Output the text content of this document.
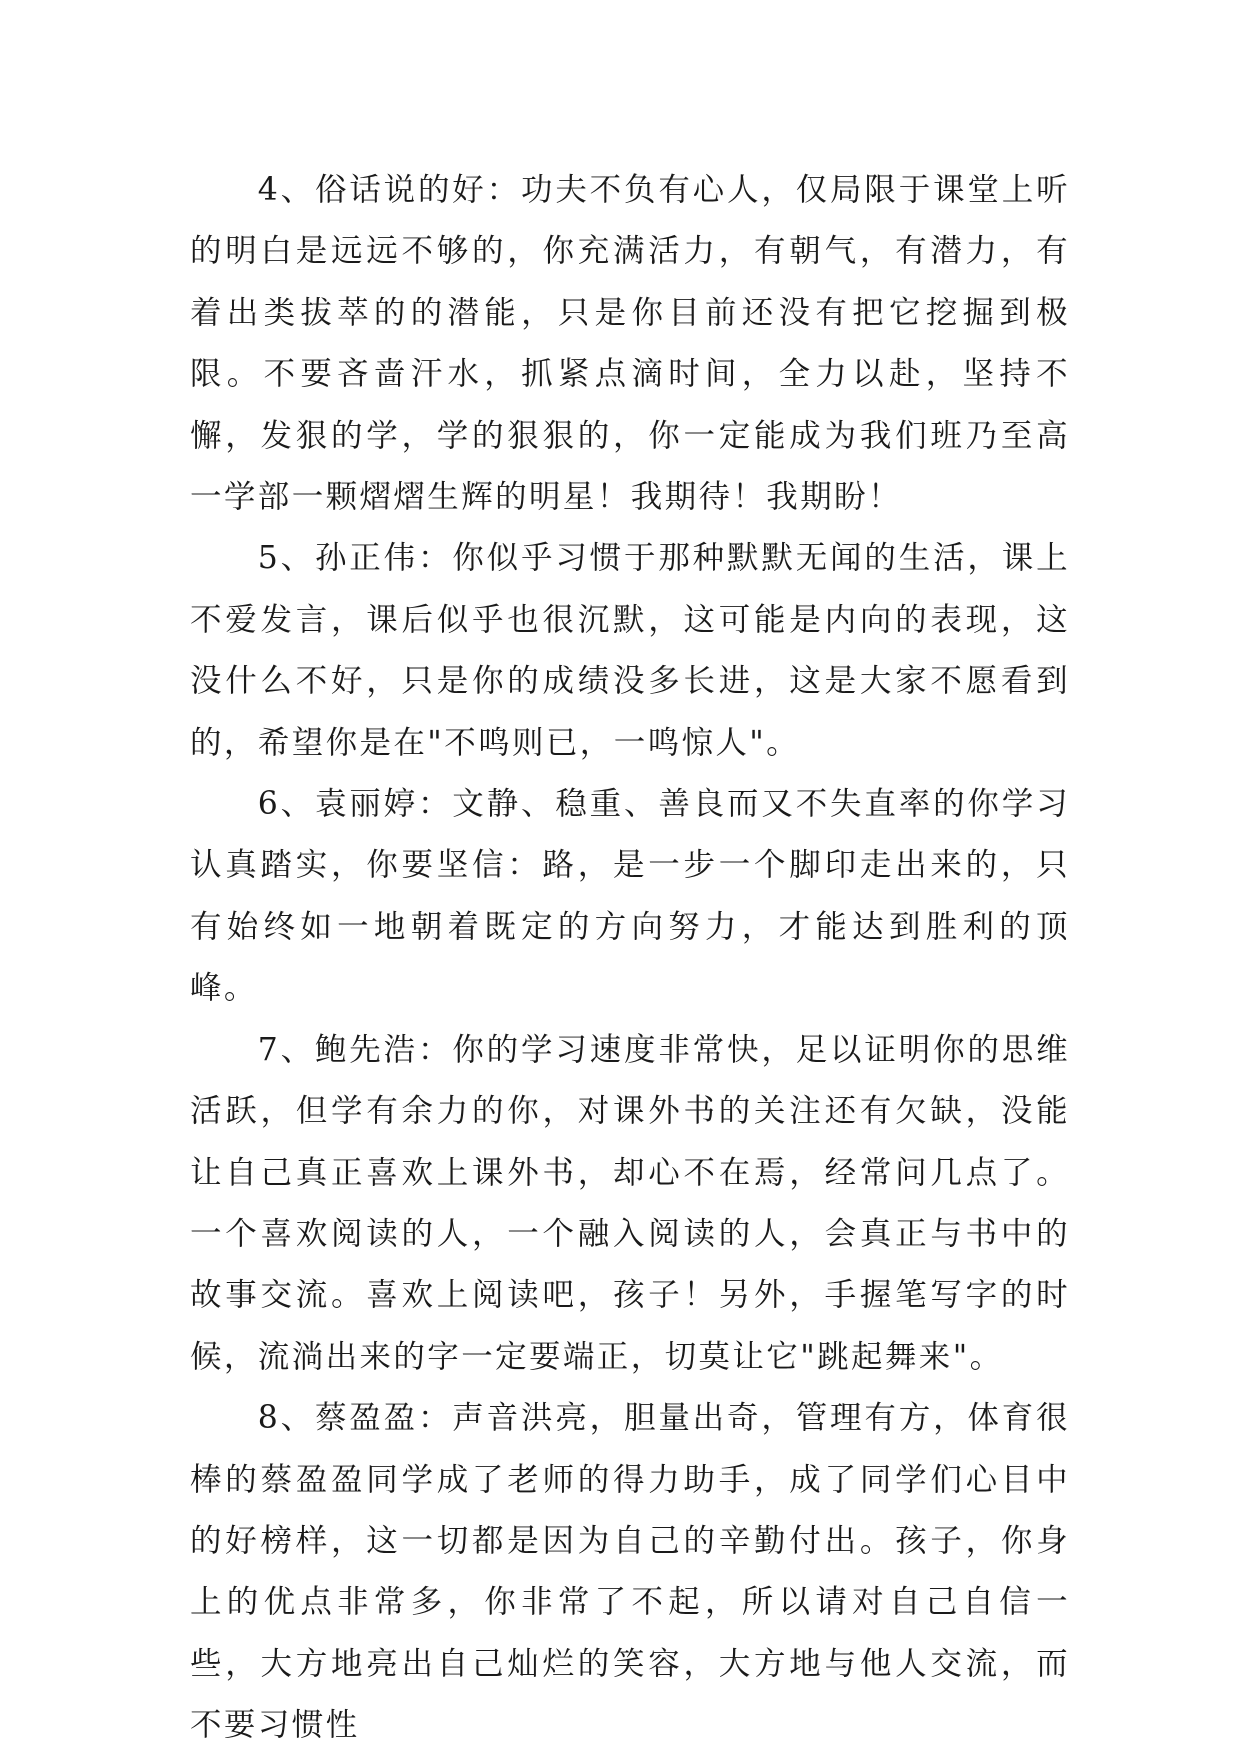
4、俗话说的好：功夫不负有心人，仅局限于课堂上听的明白是远远不够的，你充满活力，有朝气，有潜力，有着出类拔萃的的潜能，只是你目前还没有把它挖掘到极限。不要吝啬汗水，抓紧点滴时间，全力以赴，坚持不懈，发狠的学，学的狠狠的，你一定能成为我们班乃至高一学部一颗熠熠生辉的明星！我期待！我期盼！

5、孙正伟：你似乎习惯于那种默默无闻的生活，课上不爱发言，课后似乎也很沉默，这可能是内向的表现，这没什么不好，只是你的成绩没多长进，这是大家不愿看到的，希望你是在"不鸣则已，一鸣惊人"。

6、袁丽婷：文静、稳重、善良而又不失直率的你学习认真踏实，你要坚信：路，是一步一个脚印走出来的，只有始终如一地朝着既定的方向努力，才能达到胜利的顶峰。

7、鲍先浩：你的学习速度非常快，足以证明你的思维活跃，但学有余力的你，对课外书的关注还有欠缺，没能让自己真正喜欢上课外书，却心不在焉，经常问几点了。一个喜欢阅读的人，一个融入阅读的人，会真正与书中的故事交流。喜欢上阅读吧，孩子！另外，手握笔写字的时候，流淌出来的字一定要端正，切莫让它"跳起舞来"。

8、蔡盈盈：声音洪亮，胆量出奇，管理有方，体育很棒的蔡盈盈同学成了老师的得力助手，成了同学们心目中的好榜样，这一切都是因为自己的辛勤付出。孩子，你身上的优点非常多，你非常了不起，所以请对自己自信一些，大方地亮出自己灿烂的笑容，大方地与他人交流，而不要习惯性
